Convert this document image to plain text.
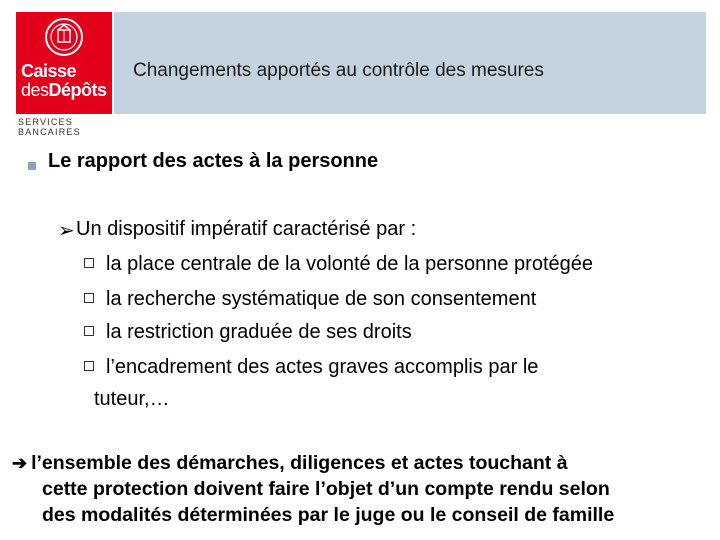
Caisse
desDépôts
SERVICES
BANCAIRES
Changements apportés au contrôle des mesures
Le rapport des actes à la personne
➢ Un dispositif impératif caractérisé par :
la place centrale de la volonté de la personne protégée
la recherche systématique de son consentement
la restriction graduée de ses droits
l’encadrement des actes graves accomplis par le
tuteur,…
➔ l’ensemble des démarches, diligences et actes touchant à
cette protection doivent faire l’objet d’un compte rendu selon
des modalités déterminées par le juge ou le conseil de famille
